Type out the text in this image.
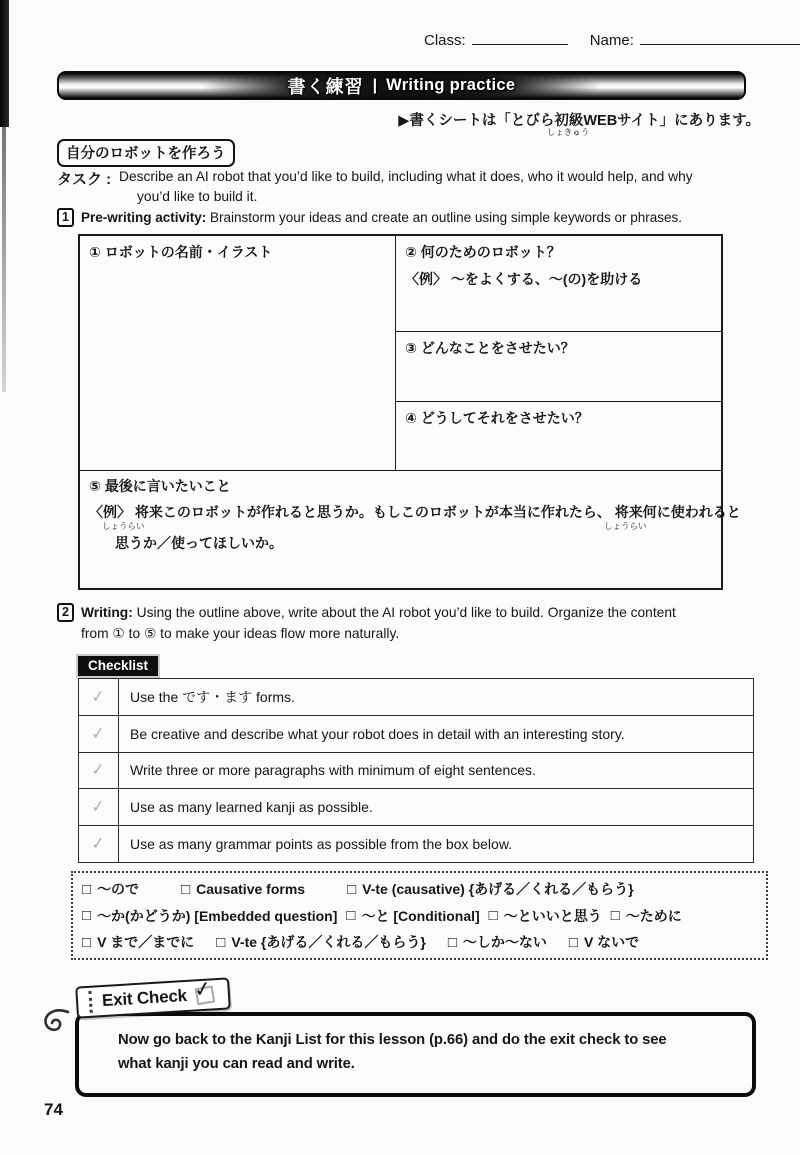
Class:	Name:
書く練習 | Writing practice
▶書くシートは「とびら初級WEBサイト」にあります。
しょきゅう
自分のロボットを作ろう
タスク : Describe an AI robot that you’d like to build, including what it does, who it would help, and why
you’d like to build it.
1 Pre-writing activity: Brainstorm your ideas and create an outline using simple keywords or phrases.
① ロボットの名前・イラスト	② 何のためのロボット？
〈例〉 ～をよくする、～(の)を助ける
③ どんなことをさせたい？
④ どうしてそれをさせたい？
⑤ 最後に言いたいこと
〈例〉 将来このロボットが作れると思うか。もしこのロボットが本当に作れたら、 将来何に使われると
しょうらい	しょうらい
思うか／使ってほしいか。
2 Writing: Using the outline above, write about the AI robot you’d like to build. Organize the content
from ① to ⑤ to make your ideas flow more naturally.
Checklist
✓	Use the です・ます forms.
✓	Be creative and describe what your robot does in detail with an interesting story.
✓	Write three or more paragraphs with minimum of eight sentences.
✓	Use as many learned kanji as possible.
✓	Use as many grammar points as possible from the box below.
□ ～ので	□ Causative forms	□ V-te (causative) {あげる／くれる／もらう}
□ ～か(かどうか) [Embedded question] □ ～と [Conditional] □ ～といいと思う □ ～ために
□ V まで／までに □ V-te {あげる／くれる／もらう} □ ～しか～ない □ V ないで
Now go back to the Kanji List for this lesson (p.66) and do the exit check to see
what kanji you can read and write.
Exit Check ✓
74
